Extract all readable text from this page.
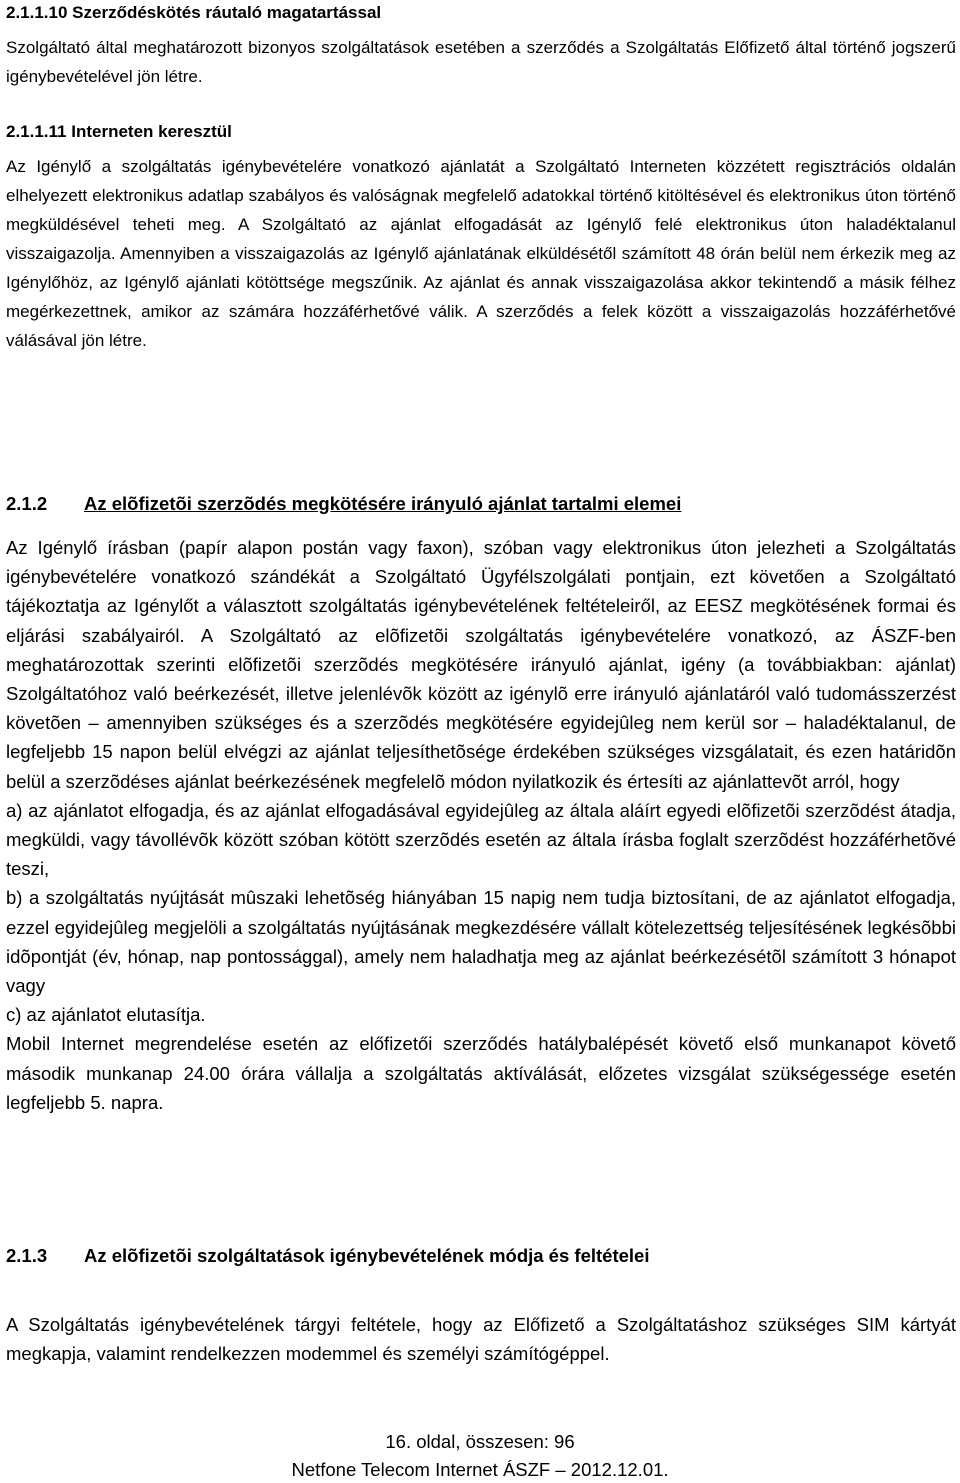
2.1.1.10 Szerződéskötés ráutaló magatartással

Szolgáltató által meghatározott bizonyos szolgáltatások esetében a szerződés a Szolgáltatás Előfizető által történő jogszerű igénybevételével jön létre.

2.1.1.11 Interneten keresztül

Az Igénylő a szolgáltatás igénybevételére vonatkozó ajánlatát a Szolgáltató Interneten közzétett regisztrációs oldalán elhelyezett elektronikus adatlap szabályos és valóságnak megfelelő adatokkal történő kitöltésével és elektronikus úton történő megküldésével teheti meg. A Szolgáltató az ajánlat elfogadását az Igénylő felé elektronikus úton haladéktalanul visszaigazolja. Amennyiben a visszaigazolás az Igénylő ajánlatának elküldésétől számított 48 órán belül nem érkezik meg az Igénylőhöz, az Igénylő ajánlati kötöttsége megszűnik. Az ajánlat és annak visszaigazolása akkor tekintendő a másik félhez megérkezettnek, amikor az számára hozzáférhetővé válik. A szerződés a felek között a visszaigazolás hozzáférhetővé válásával jön létre.

2.1.2 Az elõfizetõi szerzõdés megkötésére irányuló ajánlat tartalmi elemei

Az Igénylő írásban (papír alapon postán vagy faxon), szóban vagy elektronikus úton jelezheti a Szolgáltatás igénybevételére vonatkozó szándékát a Szolgáltató Ügyfélszolgálati pontjain, ezt követően a Szolgáltató tájékoztatja az Igénylőt a választott szolgáltatás igénybevételének feltételeiről, az EESZ megkötésének formai és eljárási szabályairól. A Szolgáltató az elõfizetõi szolgáltatás igénybevételére vonatkozó, az ÁSZF-ben meghatározottak szerinti elõfizetõi szerzõdés megkötésére irányuló ajánlat, igény (a továbbiakban: ajánlat) Szolgáltatóhoz való beérkezését, illetve jelenlévõk között az igénylõ erre irányuló ajánlatáról való tudomásszerzést követõen – amennyiben szükséges és a szerzõdés megkötésére egyidejûleg nem kerül sor – haladéktalanul, de legfeljebb 15 napon belül elvégzi az ajánlat teljesíthetõsége érdekében szükséges vizsgálatait, és ezen határidõn belül a szerzõdéses ajánlat beérkezésének megfelelõ módon nyilatkozik és értesíti az ajánlattevõt arról, hogy

a) az ajánlatot elfogadja, és az ajánlat elfogadásával egyidejûleg az általa aláírt egyedi elõfizetõi szerzõdést átadja, megküldi, vagy távollévõk között szóban kötött szerzõdés esetén az általa írásba foglalt szerzõdést hozzáférhetõvé teszi,

b) a szolgáltatás nyújtását mûszaki lehetõség hiányában 15 napig nem tudja biztosítani, de az ajánlatot elfogadja, ezzel egyidejûleg megjelöli a szolgáltatás nyújtásának megkezdésére vállalt kötelezettség teljesítésének legkésõbbi idõpontját (év, hónap, nap pontossággal), amely nem haladhatja meg az ajánlat beérkezésétõl számított 3 hónapot vagy

c) az ajánlatot elutasítja.

Mobil Internet megrendelése esetén az előfizetői szerződés hatálybalépését követő első munkanapot követő második munkanap 24.00 órára vállalja a szolgáltatás aktíválását, előzetes vizsgálat szükségessége esetén legfeljebb 5. napra.

2.1.3 Az elõfizetõi szolgáltatások igénybevételének módja és feltételei

A Szolgáltatás igénybevételének tárgyi feltétele, hogy az Előfizető a Szolgáltatáshoz szükséges SIM kártyát megkapja, valamint rendelkezzen modemmel és személyi számítógéppel.

16. oldal, összesen: 96
Netfone Telecom Internet ÁSZF – 2012.12.01.
